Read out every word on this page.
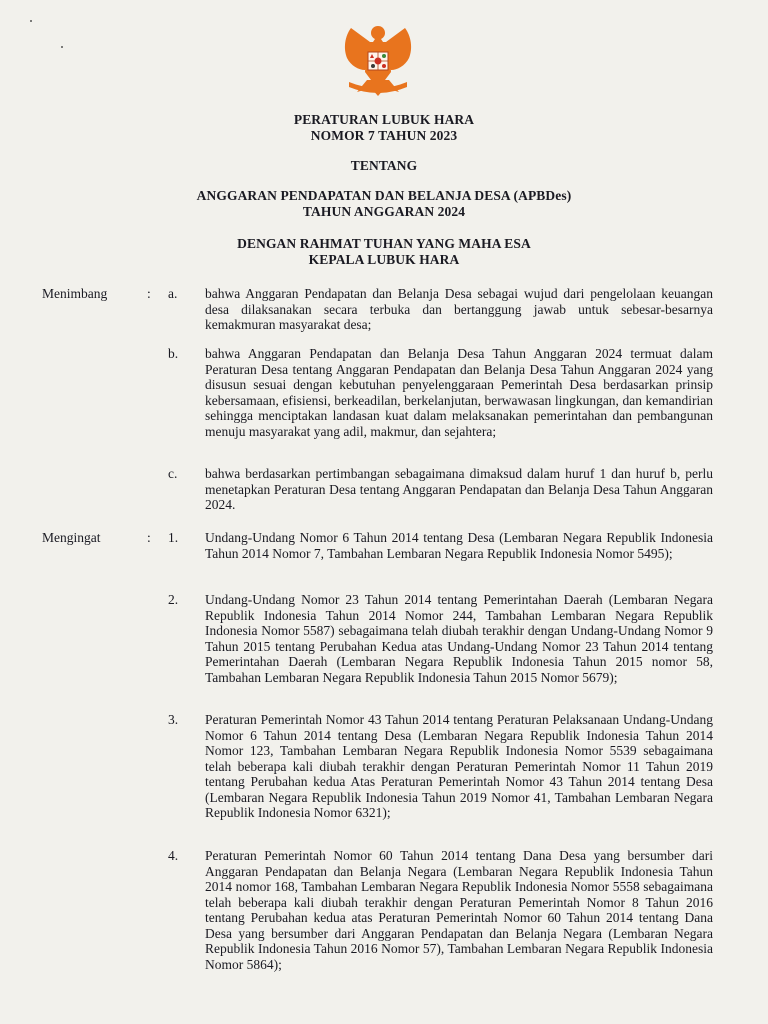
PERATURAN LUBUK HARA
NOMOR 7 TAHUN 2023
TENTANG
ANGGARAN PENDAPATAN DAN BELANJA DESA (APBDes)
TAHUN ANGGARAN 2024
DENGAN RAHMAT TUHAN YANG MAHA ESA
KEPALA LUBUK HARA
Menimbang	: a. bahwa Anggaran Pendapatan dan Belanja Desa sebagai wujud dari pengelolaan keuangan desa dilaksanakan secara terbuka dan bertanggung jawab untuk sebesar-besarnya kemakmuran masyarakat desa;
b. bahwa Anggaran Pendapatan dan Belanja Desa Tahun Anggaran 2024 termuat dalam Peraturan Desa tentang Anggaran Pendapatan dan Belanja Desa Tahun Anggaran 2024 yang disusun sesuai dengan kebutuhan penyelenggaraan Pemerintah Desa berdasarkan prinsip kebersamaan, efisiensi, berkeadilan, berkelanjutan, berwawasan lingkungan, dan kemandirian sehingga menciptakan landasan kuat dalam melaksanakan pemerintahan dan pembangunan menuju masyarakat yang adil, makmur, dan sejahtera;
c. bahwa berdasarkan pertimbangan sebagaimana dimaksud dalam huruf 1 dan huruf b, perlu menetapkan Peraturan Desa tentang Anggaran Pendapatan dan Belanja Desa Tahun Anggaran 2024.
Mengingat	: 1. Undang-Undang Nomor 6 Tahun 2014 tentang Desa (Lembaran Negara Republik Indonesia Tahun 2014 Nomor 7, Tambahan Lembaran Negara Republik Indonesia Nomor 5495);
2. Undang-Undang Nomor 23 Tahun 2014 tentang Pemerintahan Daerah (Lembaran Negara Republik Indonesia Tahun 2014 Nomor 244, Tambahan Lembaran Negara Republik Indonesia Nomor 5587) sebagaimana telah diubah terakhir dengan Undang-Undang Nomor 9 Tahun 2015 tentang Perubahan Kedua atas Undang-Undang Nomor 23 Tahun 2014 tentang Pemerintahan Daerah (Lembaran Negara Republik Indonesia Tahun 2015 nomor 58, Tambahan Lembaran Negara Republik Indonesia Tahun 2015 Nomor 5679);
3. Peraturan Pemerintah Nomor 43 Tahun 2014 tentang Peraturan Pelaksanaan Undang-Undang Nomor 6 Tahun 2014 tentang Desa (Lembaran Negara Republik Indonesia Tahun 2014 Nomor 123, Tambahan Lembaran Negara Republik Indonesia Nomor 5539 sebagaimana telah beberapa kali diubah terakhir dengan Peraturan Pemerintah Nomor 11 Tahun 2019 tentang Perubahan kedua Atas Peraturan Pemerintah Nomor 43 Tahun 2014 tentang Desa (Lembaran Negara Republik Indonesia Tahun 2019 Nomor 41, Tambahan Lembaran Negara Republik Indonesia Nomor 6321);
4. Peraturan Pemerintah Nomor 60 Tahun 2014 tentang Dana Desa yang bersumber dari Anggaran Pendapatan dan Belanja Negara (Lembaran Negara Republik Indonesia Tahun 2014 nomor 168, Tambahan Lembaran Negara Republik Indonesia Nomor 5558 sebagaimana telah beberapa kali diubah terakhir dengan Peraturan Pemerintah Nomor 8 Tahun 2016 tentang Perubahan kedua atas Peraturan Pemerintah Nomor 60 Tahun 2014 tentang Dana Desa yang bersumber dari Anggaran Pendapatan dan Belanja Negara (Lembaran Negara Republik Indonesia Tahun 2016 Nomor 57), Tambahan Lembaran Negara Republik Indonesia Nomor 5864);
